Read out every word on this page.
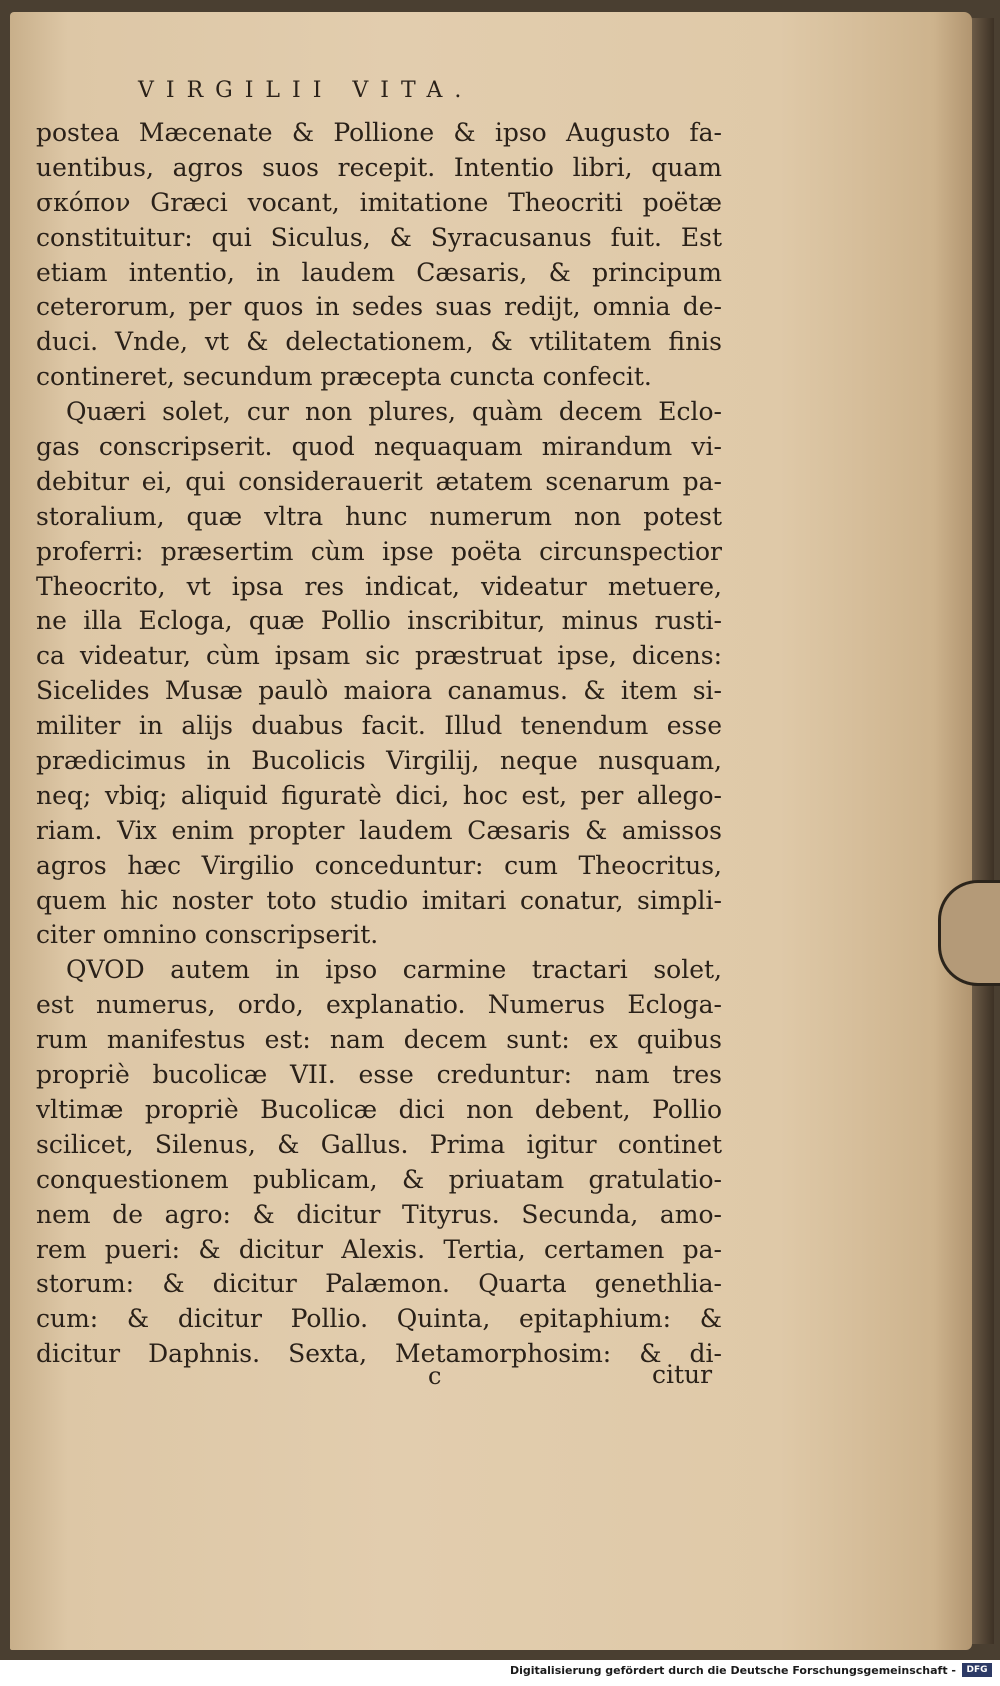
VIRGILII VITA.
postea Mæcenate & Pollione & ipso Augusto fa-
uentibus, agros suos recepit. Intentio libri, quam
σκόπον Græci vocant, imitatione Theocriti poëtæ
constituitur: qui Siculus, & Syracusanus fuit. Est
etiam intentio, in laudem Cæsaris, & principum
ceterorum, per quos in sedes suas redijt, omnia de-
duci. Vnde, vt & delectationem, & vtilitatem finis
contineret, secundum præcepta cuncta confecit.
Quæri solet, cur non plures, quàm decem Eclo-
gas conscripserit. quod nequaquam mirandum vi-
debitur ei, qui considerauerit ætatem scenarum pa-
storalium, quæ vltra hunc numerum non potest
proferri: præsertim cùm ipse poëta circunspectior
Theocrito, vt ipsa res indicat, videatur metuere,
ne illa Ecloga, quæ Pollio inscribitur, minus rusti-
ca videatur, cùm ipsam sic præstruat ipse, dicens:
Sicelides Musæ paulò maiora canamus. & item si-
militer in alijs duabus facit. Illud tenendum esse
prædicimus in Bucolicis Virgilij, neque nusquam,
neq; vbiq; aliquid figuratè dici, hoc est, per allego-
riam. Vix enim propter laudem Cæsaris & amissos
agros hæc Virgilio conceduntur: cum Theocritus,
quem hic noster toto studio imitari conatur, simpli-
citer omnino conscripserit.
QVOD autem in ipso carmine tractari solet,
est numerus, ordo, explanatio. Numerus Eclogа-
rum manifestus est: nam decem sunt: ex quibus
propriè bucolicæ VII. esse creduntur: nam tres
vltimæ propriè Bucolicæ dici non debent, Pollio
scilicet, Silenus, & Gallus. Prima igitur continet
conquestionem publicam, & priuatam gratulatio-
nem de agro: & dicitur Tityrus. Secunda, amo-
rem pueri: & dicitur Alexis. Tertia, certamen pa-
storum: & dicitur Palæmon. Quarta genethlia-
cum: & dicitur Pollio. Quinta, epitaphium: &
dicitur Daphnis. Sexta, Metamorphosim: & di-
c	citur
Digitalisierung gefördert durch die Deutsche Forschungsgemeinschaft -	DFG
